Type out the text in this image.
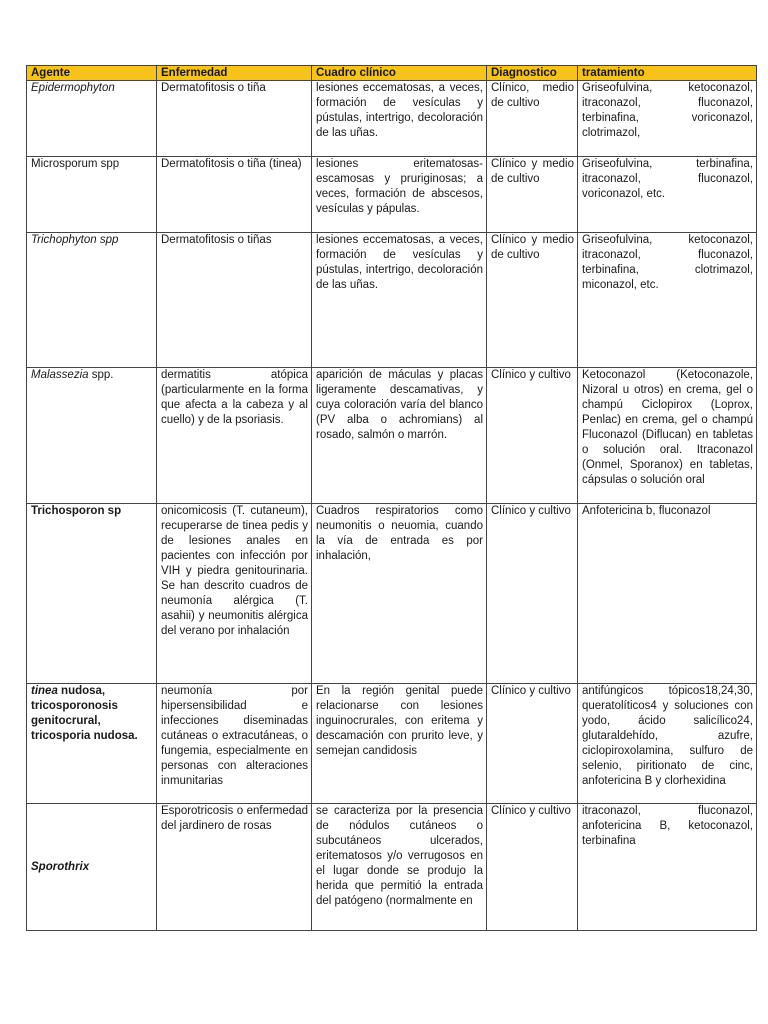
Agente	Enfermedad	Cuadro clínico	Diagnostico	tratamiento
Epidermophyton	Dermatofitosis o tiña	lesiones eccematosas, a veces, formación de vesículas y pústulas, intertrigo, decoloración de las uñas.	Clínico, medio de cultivo	Griseofulvina, ketoconazol, itraconazol, fluconazol, terbinafina, voriconazol, clotrimazol,
Microsporum spp	Dermatofitosis o tiña (tinea)	lesiones eritematosas-escamosas y pruriginosas; a veces, formación de abscesos, vesículas y pápulas.	Clínico y medio de cultivo	Griseofulvina, terbinafina, itraconazol, fluconazol, voriconazol, etc.
Trichophyton spp	Dermatofitosis o tiñas	lesiones eccematosas, a veces, formación de vesículas y pústulas, intertrigo, decoloración de las uñas.	Clínico y medio de cultivo	Griseofulvina, ketoconazol, itraconazol, fluconazol, terbinafina, clotrimazol, miconazol, etc.
Malassezia spp.	dermatitis atópica (particularmente en la forma que afecta a la cabeza y al cuello) y de la psoriasis.	aparición de máculas y placas ligeramente descamativas, y cuya coloración varía del blanco (PV alba o achromians) al rosado, salmón o marrón.	Clínico y cultivo	Ketoconazol (Ketoconazole, Nizoral u otros) en crema, gel o champú Ciclopirox (Loprox, Penlac) en crema, gel o champú Fluconazol (Diflucan) en tabletas o solución oral. Itraconazol (Onmel, Sporanox) en tabletas, cápsulas o solución oral
Trichosporon sp	onicomicosis (T. cutaneum), recuperarse de tinea pedis y de lesiones anales en pacientes con infección por VIH y piedra genitourinaria. Se han descrito cuadros de neumonía alérgica (T. asahii) y neumonitis alérgica del verano por inhalación	Cuadros respiratorios como neumonitis o neuomia, cuando la vía de entrada es por inhalación,	Clínico y cultivo	Anfotericina b, fluconazol
tinea nudosa, tricosporonosis genitocrural, tricosporia nudosa.	neumonía por hipersensibilidad e infecciones diseminadas cutáneas o extracutáneas, o fungemia, especialmente en personas con alteraciones inmunitarias	En la región genital puede relacionarse con lesiones inguinocrurales, con eritema y descamación con prurito leve, y semejan candidosis	Clínico y cultivo	antifúngicos tópicos18,24,30, queratolíticos4 y soluciones con yodo, ácido salicílico24, glutaraldehído, azufre, ciclopiroxolamina, sulfuro de selenio, piritionato de cinc, anfotericina B y clorhexidina
Sporothrix	Esporotricosis o enfermedad del jardinero de rosas	se caracteriza por la presencia de nódulos cutáneos o subcutáneos ulcerados, eritematosos y/o verrugosos en el lugar donde se produjo la herida que permitió la entrada del patógeno (normalmente en	Clínico y cultivo	itraconazol, fluconazol, anfotericina B, ketoconazol, terbinafina
